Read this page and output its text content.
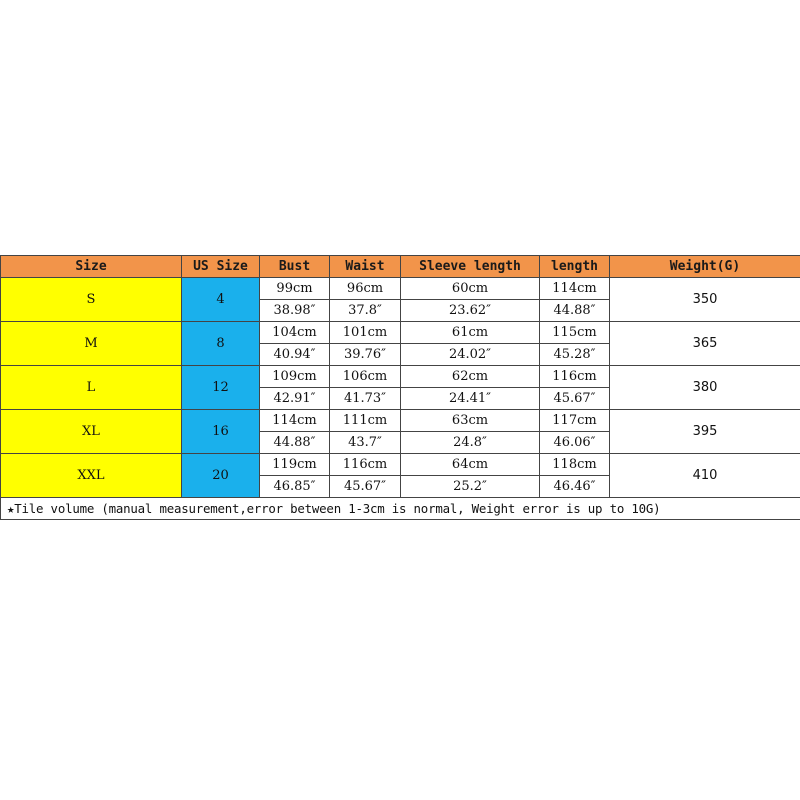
Size	US Size	Bust	Waist	Sleeve length	length	Weight(G)
S	4	99cm	96cm	60cm	114cm	350
		38.98″	37.8″	23.62″	44.88″	
M	8	104cm	101cm	61cm	115cm	365
		40.94″	39.76″	24.02″	45.28″	
L	12	109cm	106cm	62cm	116cm	380
		42.91″	41.73″	24.41″	45.67″	
XL	16	114cm	111cm	63cm	117cm	395
		44.88″	43.7″	24.8″	46.06″	
XXL	20	119cm	116cm	64cm	118cm	410
		46.85″	45.67″	25.2″	46.46″	
★Tile volume (manual measurement,error between 1-3cm is normal, Weight error is up to 10G)						
